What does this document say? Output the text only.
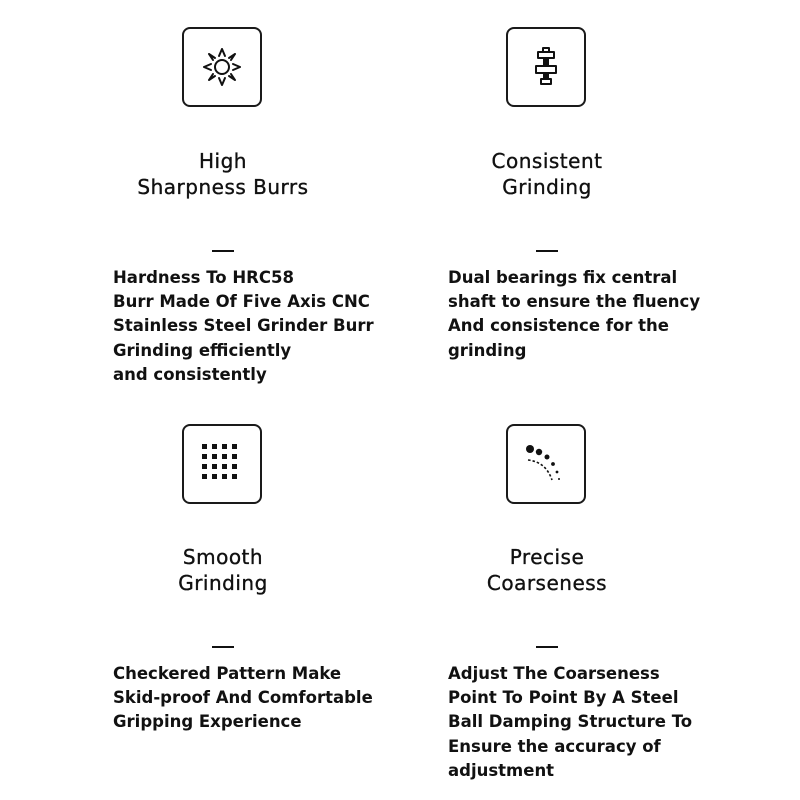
High
Sharpness Burrs
Hardness To HRC58
Burr Made Of Five Axis CNC
Stainless Steel Grinder Burr
Grinding efficiently
and consistently
Consistent
Grinding
Dual bearings fix central
shaft to ensure the fluency
And consistence for the
grinding
Smooth
Grinding
Checkered Pattern Make
Skid-proof And Comfortable
Gripping Experience
Precise
Coarseness
Adjust The Coarseness
Point To Point By A Steel
Ball Damping Structure To
Ensure the accuracy of
adjustment
